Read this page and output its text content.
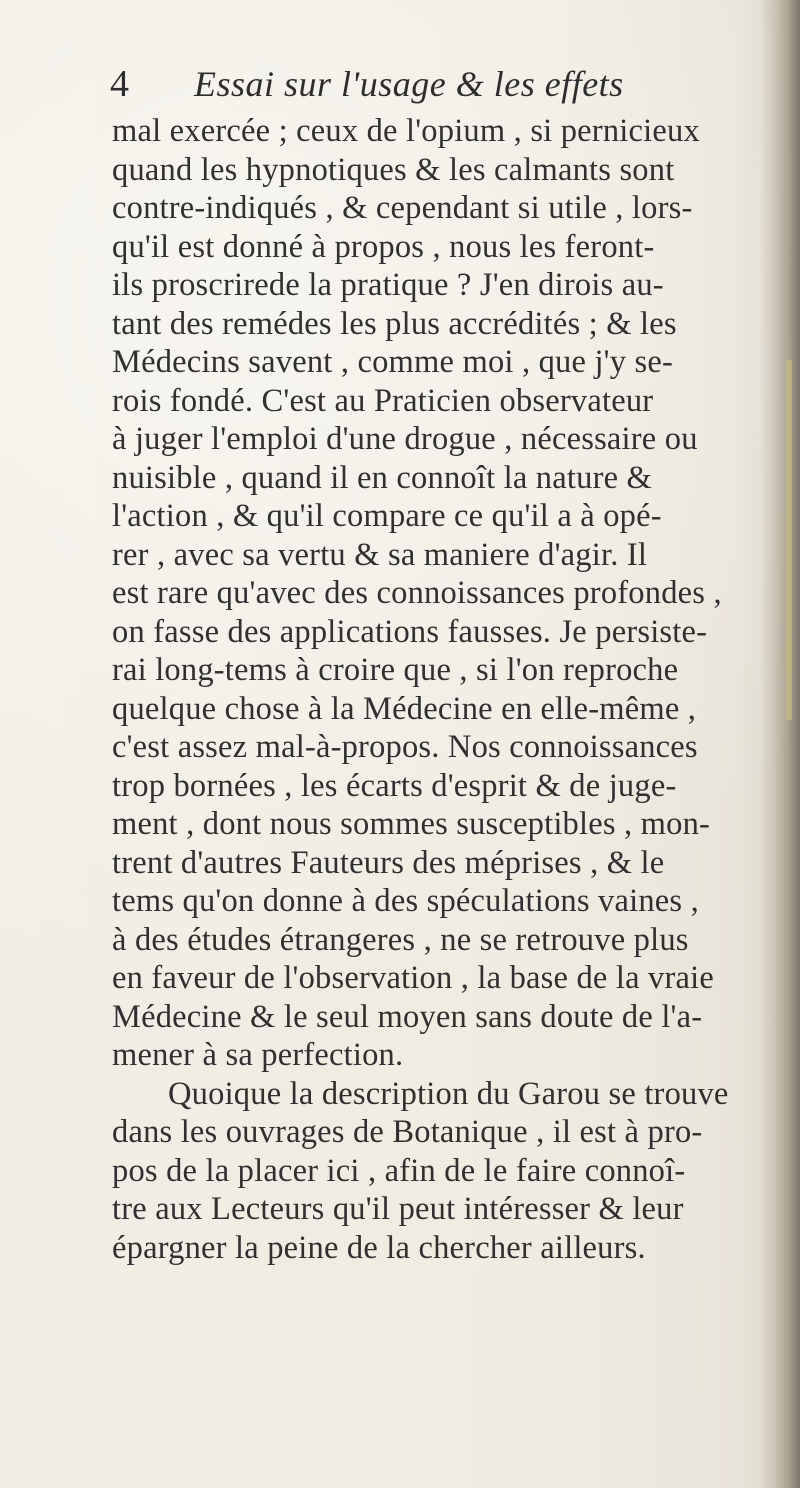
4	Essai sur l'usage & les effets
mal exercée ; ceux de l'opium , si pernicieux
quand les hypnotiques & les calmants sont
contre-indiqués , & cependant si utile , lors-
qu'il est donné à propos , nous les feront-
ils proscrirede la pratique ? J'en dirois au-
tant des remédes les plus accrédités ; & les
Médecins savent , comme moi , que j'y se-
rois fondé. C'est au Praticien observateur
à juger l'emploi d'une drogue , nécessaire ou
nuisible , quand il en connoît la nature &
l'action , & qu'il compare ce qu'il a à opé-
rer , avec sa vertu & sa maniere d'agir. Il
est rare qu'avec des connoissances profondes ,
on fasse des applications fausses. Je persiste-
rai long-tems à croire que , si l'on reproche
quelque chose à la Médecine en elle-même ,
c'est assez mal-à-propos. Nos connoissances
trop bornées , les écarts d'esprit & de juge-
ment , dont nous sommes susceptibles , mon-
trent d'autres Fauteurs des méprises , & le
tems qu'on donne à des spéculations vaines ,
à des études étrangeres , ne se retrouve plus
en faveur de l'observation , la base de la vraie
Médecine & le seul moyen sans doute de l'a-
mener à sa perfection.
Quoique la description du Garou se trouve
dans les ouvrages de Botanique , il est à pro-
pos de la placer ici , afin de le faire connoî-
tre aux Lecteurs qu'il peut intéresser & leur
épargner la peine de la chercher ailleurs.
